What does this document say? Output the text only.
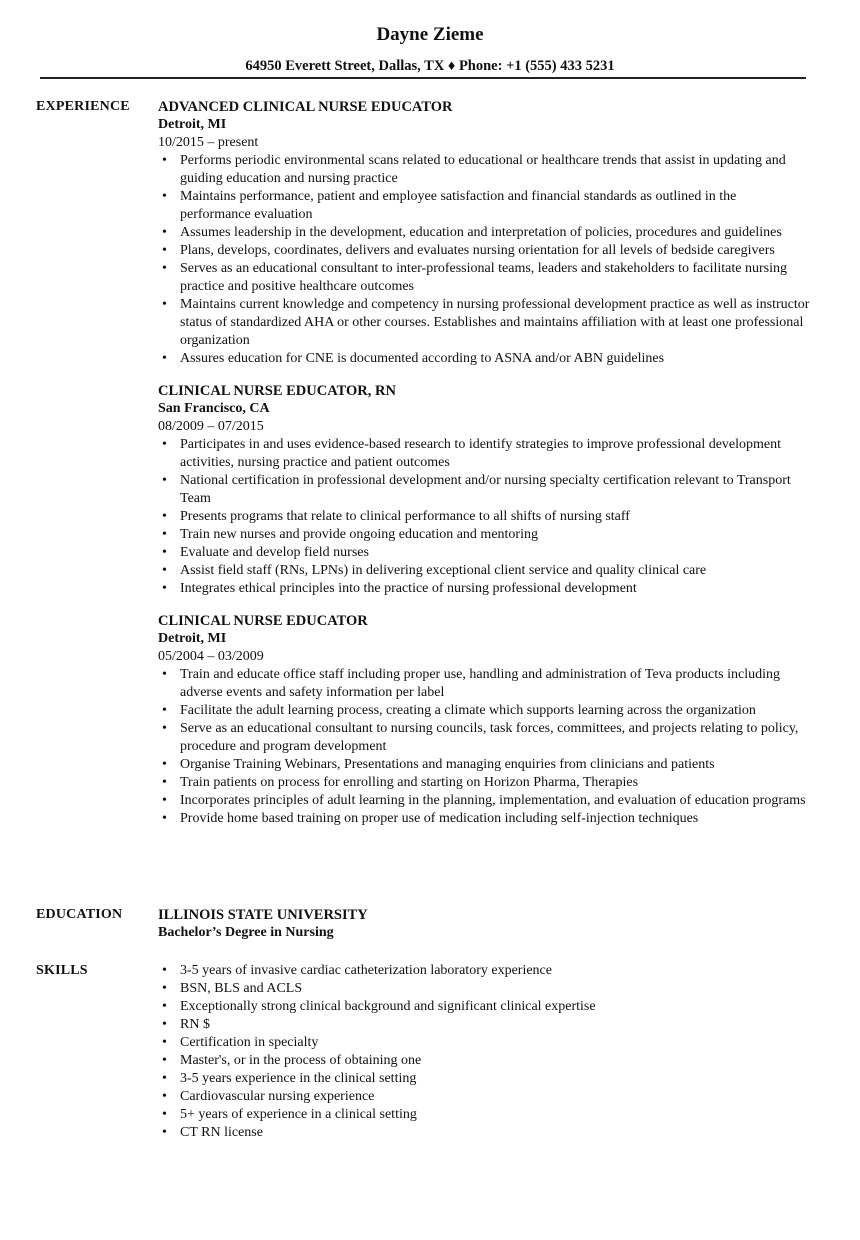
Dayne Zieme
64950 Everett Street, Dallas, TX ♦ Phone: +1 (555) 433 5231
EXPERIENCE ADVANCED CLINICAL NURSE EDUCATOR
Detroit, MI
10/2015 – present
• Performs periodic environmental scans related to educational or healthcare trends that assist in updating and guiding education and nursing practice
• Maintains performance, patient and employee satisfaction and financial standards as outlined in the performance evaluation
• Assumes leadership in the development, education and interpretation of policies, procedures and guidelines
• Plans, develops, coordinates, delivers and evaluates nursing orientation for all levels of bedside caregivers
• Serves as an educational consultant to inter-professional teams, leaders and stakeholders to facilitate nursing practice and positive healthcare outcomes
• Maintains current knowledge and competency in nursing professional development practice as well as instructor status of standardized AHA or other courses. Establishes and maintains affiliation with at least one professional organization
• Assures education for CNE is documented according to ASNA and/or ABN guidelines
CLINICAL NURSE EDUCATOR, RN
San Francisco, CA
08/2009 – 07/2015
• Participates in and uses evidence-based research to identify strategies to improve professional development activities, nursing practice and patient outcomes
• National certification in professional development and/or nursing specialty certification relevant to Transport Team
• Presents programs that relate to clinical performance to all shifts of nursing staff
• Train new nurses and provide ongoing education and mentoring
• Evaluate and develop field nurses
• Assist field staff (RNs, LPNs) in delivering exceptional client service and quality clinical care
• Integrates ethical principles into the practice of nursing professional development
CLINICAL NURSE EDUCATOR
Detroit, MI
05/2004 – 03/2009
• Train and educate office staff including proper use, handling and administration of Teva products including adverse events and safety information per label
• Facilitate the adult learning process, creating a climate which supports learning across the organization
• Serve as an educational consultant to nursing councils, task forces, committees, and projects relating to policy, procedure and program development
• Organise Training Webinars, Presentations and managing enquiries from clinicians and patients
• Train patients on process for enrolling and starting on Horizon Pharma, Therapies
• Incorporates principles of adult learning in the planning, implementation, and evaluation of education programs
• Provide home based training on proper use of medication including self-injection techniques
EDUCATION ILLINOIS STATE UNIVERSITY
Bachelor’s Degree in Nursing
SKILLS
•	3-5 years of invasive cardiac catheterization laboratory experience
• BSN, BLS and ACLS
• Exceptionally strong clinical background and significant clinical expertise
• RN $
• Certification in specialty
• Master's, or in the process of obtaining one
• 3-5 years experience in the clinical setting
• Cardiovascular nursing experience
• 5+ years of experience in a clinical setting
• CT RN license
